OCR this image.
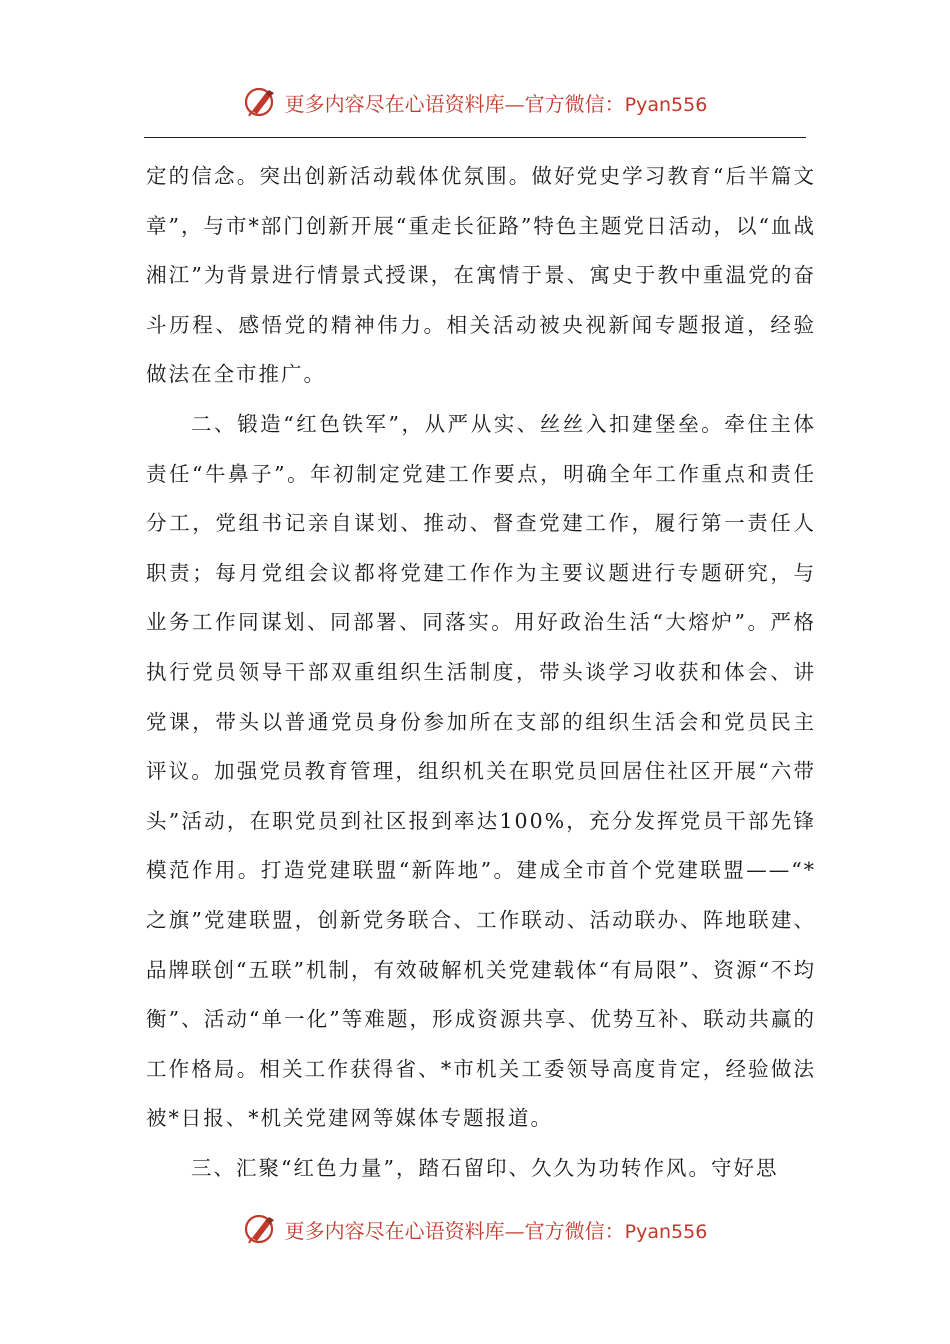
更多内容尽在心语资料库—官方微信：Pyan556

定的信念。突出创新活动载体优氛围。做好党史学习教育“后半篇文章”，与市*部门创新开展“重走长征路”特色主题党日活动，以“血战湘江”为背景进行情景式授课，在寓情于景、寓史于教中重温党的奋斗历程、感悟党的精神伟力。相关活动被央视新闻专题报道，经验做法在全市推广。

二、锻造“红色铁军”，从严从实、丝丝入扣建堡垒。牵住主体责任“牛鼻子”。年初制定党建工作要点，明确全年工作重点和责任分工，党组书记亲自谋划、推动、督查党建工作，履行第一责任人职责；每月党组会议都将党建工作作为主要议题进行专题研究，与业务工作同谋划、同部署、同落实。用好政治生活“大熔炉”。严格执行党员领导干部双重组织生活制度，带头谈学习收获和体会、讲党课，带头以普通党员身份参加所在支部的组织生活会和党员民主评议。加强党员教育管理，组织机关在职党员回居住社区开展“六带头”活动，在职党员到社区报到率达100%，充分发挥党员干部先锋模范作用。打造党建联盟“新阵地”。建成全市首个党建联盟——“*之旗”党建联盟，创新党务联合、工作联动、活动联办、阵地联建、品牌联创“五联”机制，有效破解机关党建载体“有局限”、资源“不均衡”、活动“单一化”等难题，形成资源共享、优势互补、联动共赢的工作格局。相关工作获得省、*市机关工委领导高度肯定，经验做法被*日报、*机关党建网等媒体专题报道。

三、汇聚“红色力量”，踏石留印、久久为功转作风。守好思

更多内容尽在心语资料库—官方微信：Pyan556
